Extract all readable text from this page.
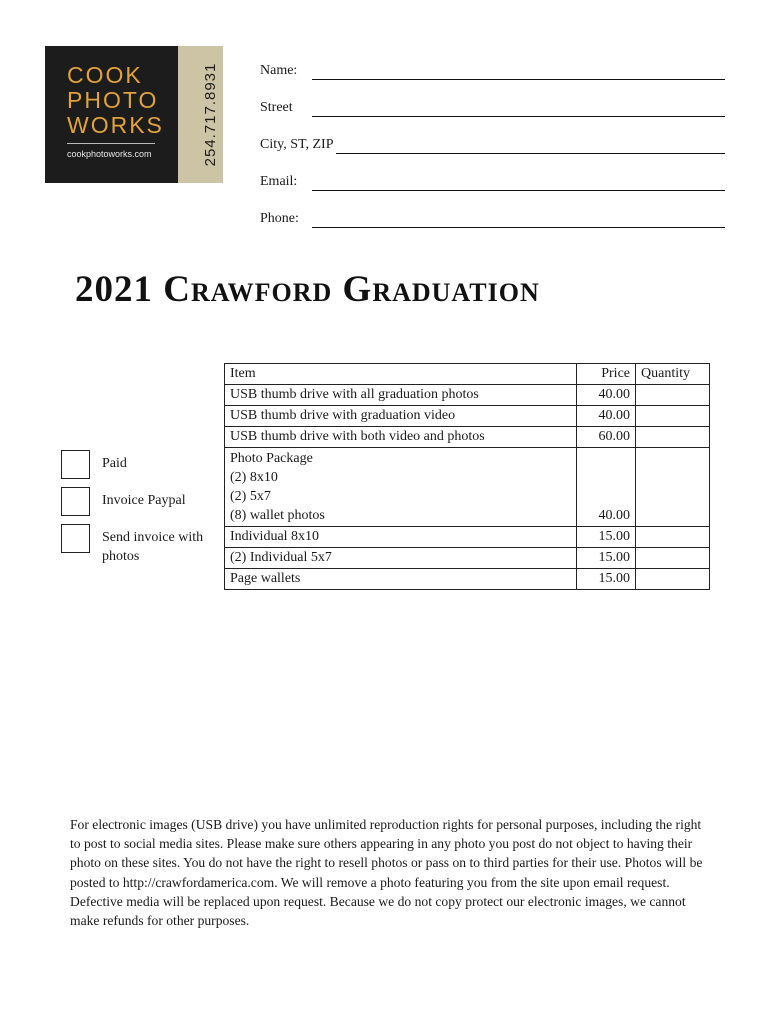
COOK
PHOTO
WORKS
cookphotoworks.com	254.717.8931	Name:
Street
City, ST, ZIP
Email:
Phone:
2021 Crawford Graduation
Paid
Invoice Paypal
Send invoice with photos
Item	Price	Quantity
USB thumb drive with all graduation photos	40.00	
USB thumb drive with graduation video	40.00	
USB thumb drive with both video and photos	60.00	

Photo Package
(2) 8x10
(2) 5x7
(8) wallet photos	40.00	
Individual 8x10	15.00	
(2) Individual 5x7	15.00	
Page wallets	15.00	

For electronic images (USB drive) you have unlimited reproduction rights for personal purposes, including the right to post to social media sites. Please make sure others appearing in any photo you post do not object to having their photo on these sites. You do not have the right to resell photos or pass on to third parties for their use. Photos will be posted to http://crawfordamerica.com. We will remove a photo featuring you from the site upon email request.

Defective media will be replaced upon request. Because we do not copy protect our electronic images, we cannot make refunds for other purposes.
